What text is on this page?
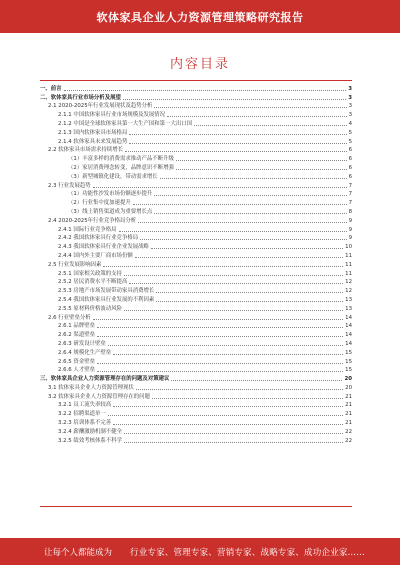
软体家具企业人力资源管理策略研究报告
内容目录
一、前言	3
二、软体家具行业市场分析及展望	3
2.1 2020-2025年行业发展现状及趋势分析	3
2.1.1 中国软体家具行业市场规模及发展情况	3
2.1.2 中国是全球软体家具第一大生产国和第一大出口国	4
2.1.3 国内软体家具市场格局	5
2.1.4 软体家具未来发展趋势	5
2.2 软体家具市场需求持续增长	6
（1）丰富多样的消费需求推动产品不断升级	6
（2）家居消费理念转变，品牌意识不断增强	6
（3）新型城镇化建设，带动需求增长	6
2.3 行业发展趋势	7
（1）功能性沙发市场份额逐步提升	7
（2）行业集中度加速提升	7
（3）线上销售渠道成为重要增长点	8
2.4 2020-2025年行业竞争格局分析	9
2.4.1 国际行业竞争格局	9
2.4.2 我国软体家具行业竞争格局	9
2.4.3 我国软体家具行业企业发展战略	10
2.4.4 国内外主要厂商市场份额	11
2.5 行业发展影响因素	11
2.5.1 国家相关政策的支持	11
2.5.2 居民消费水平不断提高	12
2.5.3 房地产市场发展带动家具消费增长	12
2.5.4 我国软体家具行业发展的不利因素	13
2.5.5 原材料价格波动风险	13
2.6 行业壁垒分析	14
2.6.1 品牌壁垒	14
2.6.2 渠道壁垒	14
2.6.3 研发设计壁垒	14
2.6.4 规模化生产壁垒	15
2.6.5 资金壁垒	15
2.6.6 人才壁垒	15
三、软体家具企业人力资源管理存在的问题及对策建议	20
3.1 软体家具企业人力资源管理现状	20
3.2 软体家具企业人力资源管理存在的问题	21
3.2.1 员工流失率较高	21
3.2.2 招聘渠道单一	21
3.2.3 培训体系不完善	21
3.2.4 薪酬激励机制不健全	22
3.2.5 绩效考核体系不科学	22
让每个人都能成为 行业专家、管理专家、营销专家、战略专家、成功企业家……
